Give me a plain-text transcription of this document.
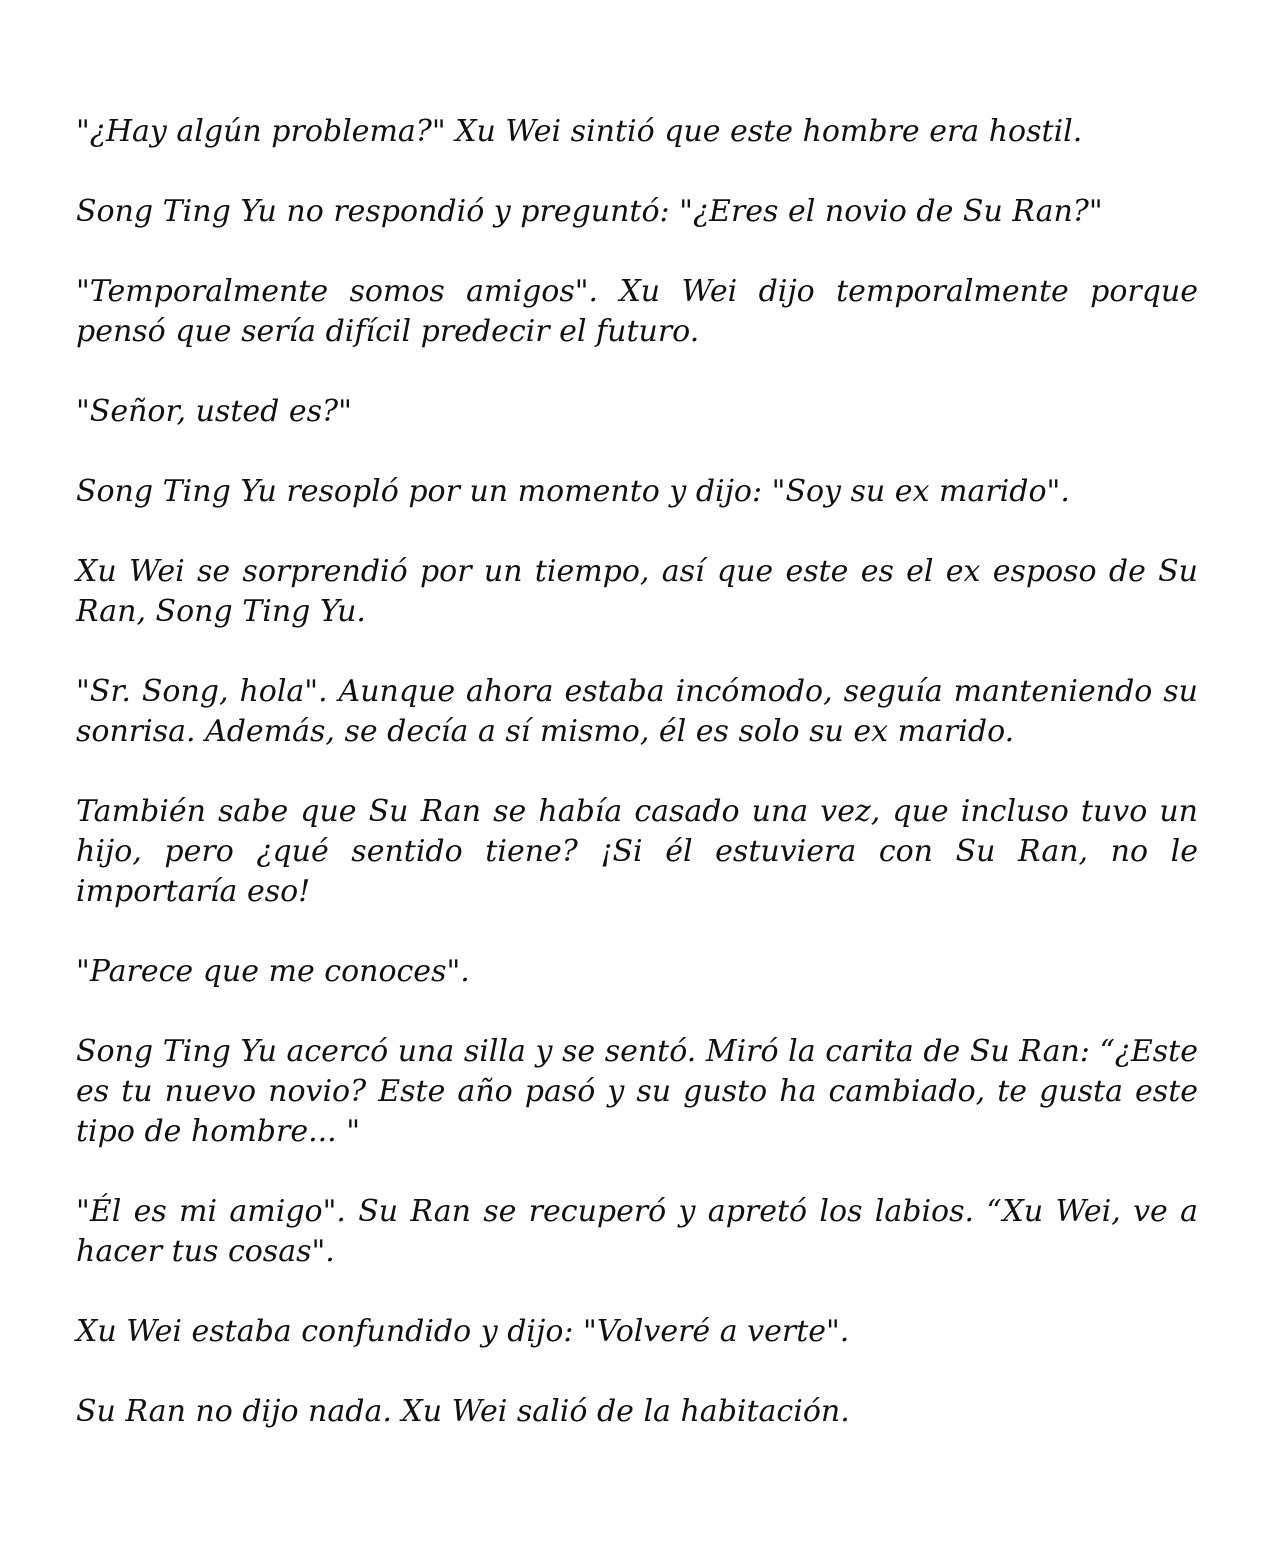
"¿Hay algún problema?" Xu Wei sintió que este hombre era hostil.

Song Ting Yu no respondió y preguntó: "¿Eres el novio de Su Ran?"

"Temporalmente somos amigos". Xu Wei dijo temporalmente porque pensó que sería difícil predecir el futuro.

"Señor, usted es?"

Song Ting Yu resopló por un momento y dijo: "Soy su ex marido".

Xu Wei se sorprendió por un tiempo, así que este es el ex esposo de Su Ran, Song Ting Yu.

"Sr. Song, hola". Aunque ahora estaba incómodo, seguía manteniendo su sonrisa. Además, se decía a sí mismo, él es solo su ex marido.

También sabe que Su Ran se había casado una vez, que incluso tuvo un hijo, pero ¿qué sentido tiene? ¡Si él estuviera con Su Ran, no le importaría eso!

"Parece que me conoces".

Song Ting Yu acercó una silla y se sentó. Miró la carita de Su Ran: “¿Este es tu nuevo novio? Este año pasó y su gusto ha cambiado, te gusta este tipo de hombre... "

"Él es mi amigo". Su Ran se recuperó y apretó los labios. “Xu Wei, ve a hacer tus cosas".

Xu Wei estaba confundido y dijo: "Volveré a verte".

Su Ran no dijo nada. Xu Wei salió de la habitación.
